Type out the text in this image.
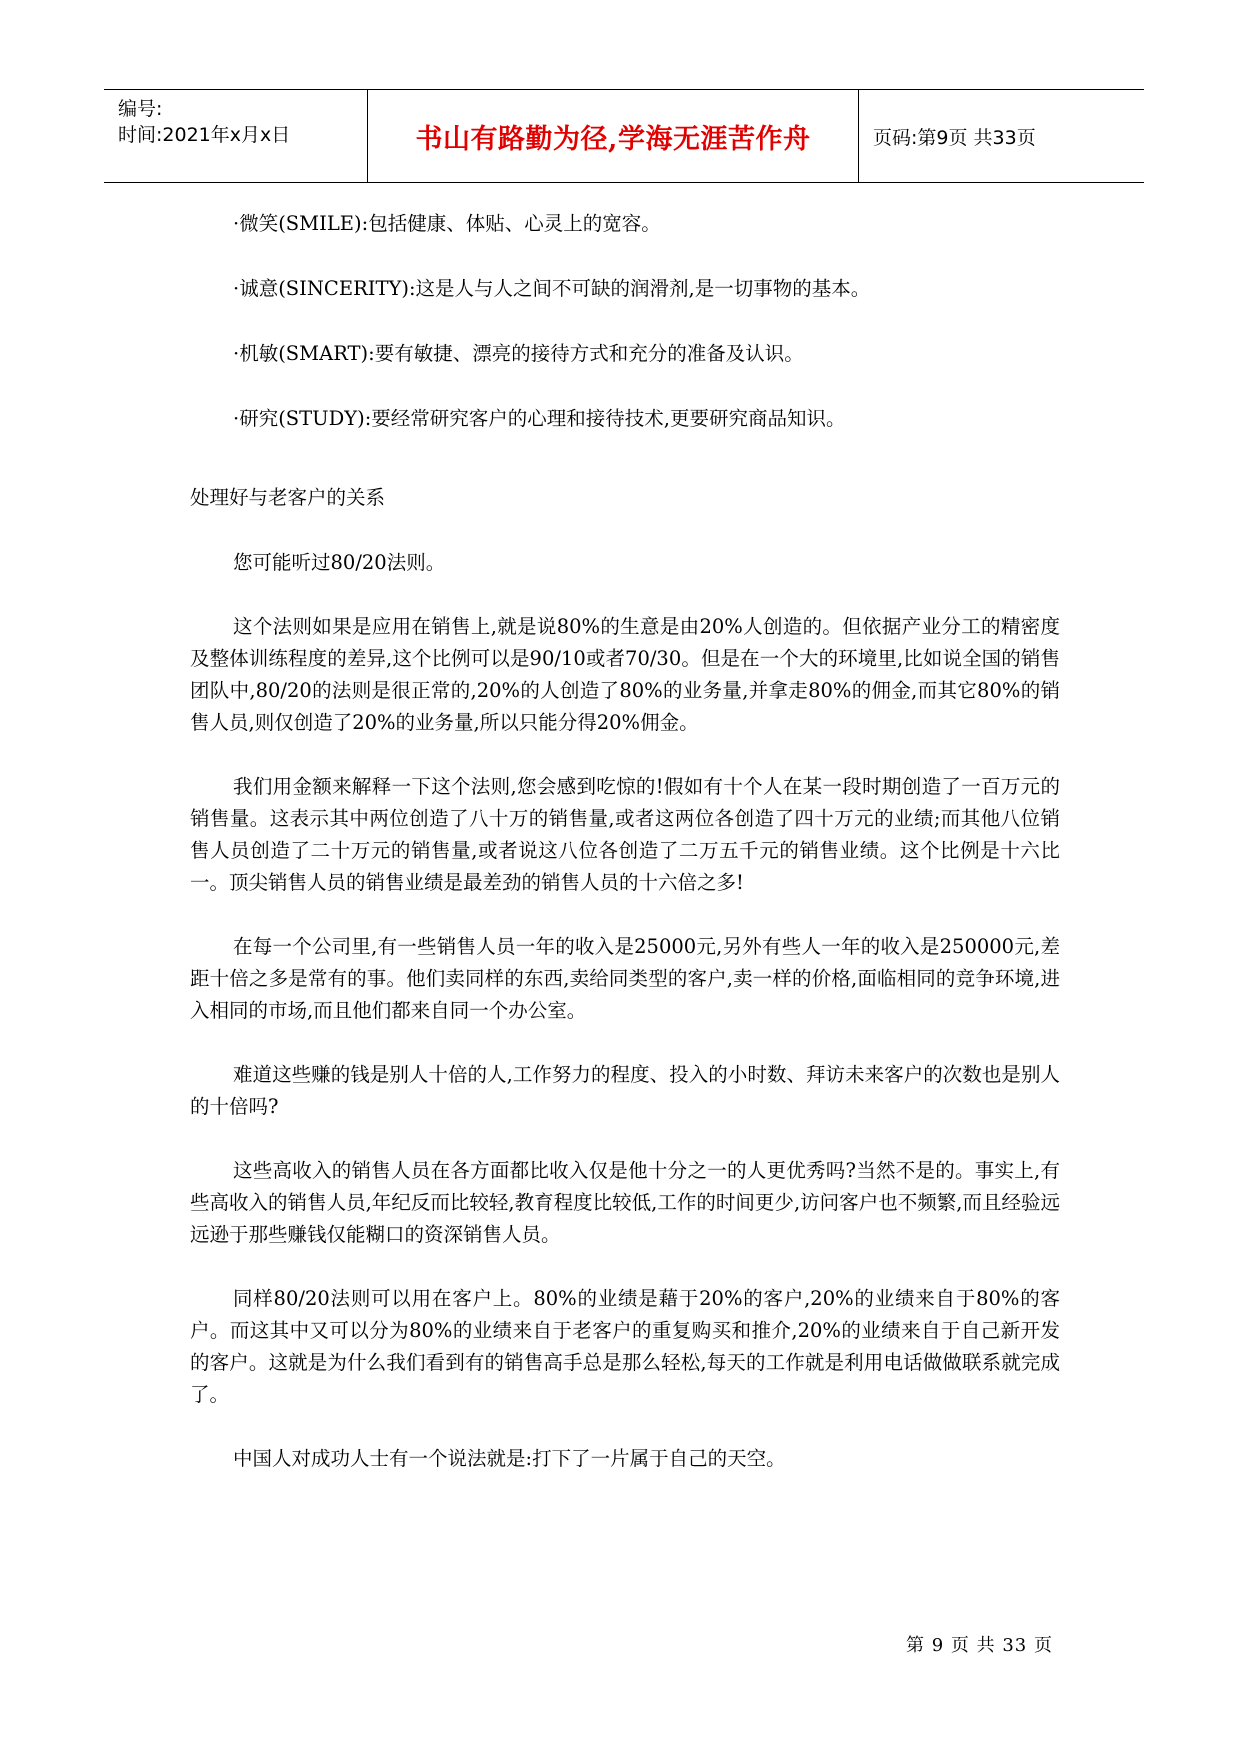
编号:
时间:2021年x月x日	书山有路勤为径,学海无涯苦作舟	页码:第9页 共33页

·微笑(SMILE):包括健康、体贴、心灵上的宽容。

·诚意(SINCERITY):这是人与人之间不可缺的润滑剂,是一切事物的基本。

·机敏(SMART):要有敏捷、漂亮的接待方式和充分的准备及认识。

·研究(STUDY):要经常研究客户的心理和接待技术,更要研究商品知识。

处理好与老客户的关系

您可能听过80/20法则。

这个法则如果是应用在销售上,就是说80%的生意是由20%人创造的。但依据产业分工的精密度及整体训练程度的差异,这个比例可以是90/10或者70/30。但是在一个大的环境里,比如说全国的销售团队中,80/20的法则是很正常的,20%的人创造了80%的业务量,并拿走80%的佣金,而其它80%的销售人员,则仅创造了20%的业务量,所以只能分得20%佣金。

我们用金额来解释一下这个法则,您会感到吃惊的!假如有十个人在某一段时期创造了一百万元的销售量。这表示其中两位创造了八十万的销售量,或者这两位各创造了四十万元的业绩;而其他八位销售人员创造了二十万元的销售量,或者说这八位各创造了二万五千元的销售业绩。这个比例是十六比一。顶尖销售人员的销售业绩是最差劲的销售人员的十六倍之多!

在每一个公司里,有一些销售人员一年的收入是25000元,另外有些人一年的收入是250000元,差距十倍之多是常有的事。他们卖同样的东西,卖给同类型的客户,卖一样的价格,面临相同的竞争环境,进入相同的市场,而且他们都来自同一个办公室。

难道这些赚的钱是别人十倍的人,工作努力的程度、投入的小时数、拜访未来客户的次数也是别人的十倍吗?

这些高收入的销售人员在各方面都比收入仅是他十分之一的人更优秀吗?当然不是的。事实上,有些高收入的销售人员,年纪反而比较轻,教育程度比较低,工作的时间更少,访问客户也不频繁,而且经验远远逊于那些赚钱仅能糊口的资深销售人员。

同样80/20法则可以用在客户上。80%的业绩是藉于20%的客户,20%的业绩来自于80%的客户。而这其中又可以分为80%的业绩来自于老客户的重复购买和推介,20%的业绩来自于自己新开发的客户。这就是为什么我们看到有的销售高手总是那么轻松,每天的工作就是利用电话做做联系就完成了。

中国人对成功人士有一个说法就是:打下了一片属于自己的天空。

第 9 页 共 33 页
